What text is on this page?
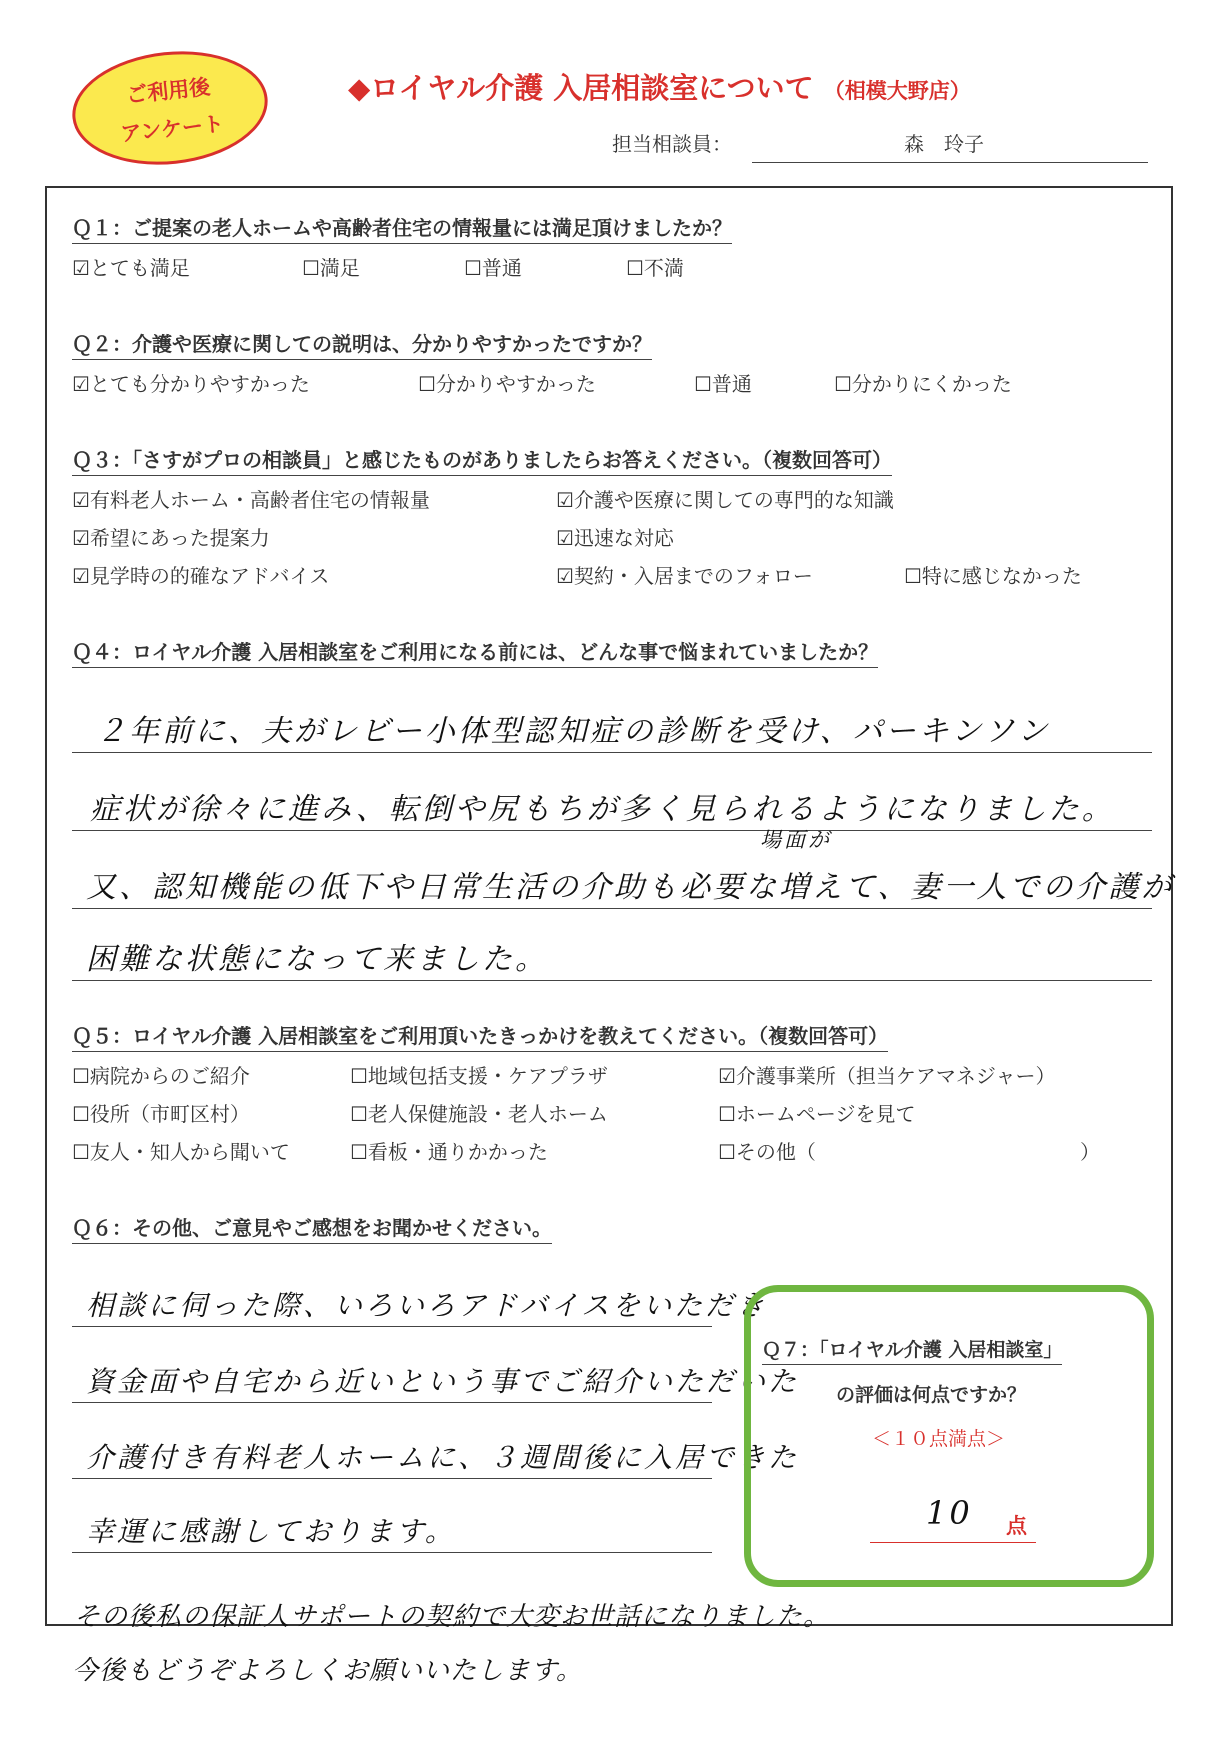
ご利用後
アンケート
◆ロイヤル介護 入居相談室について （相模大野店）
担当相談員：	森　玲子
Ｑ１：ご提案の老人ホームや高齢者住宅の情報量には満足頂けましたか？
☑とても満足	☐満足	☐普通	☐不満
Ｑ２：介護や医療に関しての説明は、分かりやすかったですか？
☑とても分かりやすかった	☐分かりやすかった	☐普通	☐分かりにくかった
Ｑ３：「さすがプロの相談員」と感じたものがありましたらお答えください。（複数回答可）
☑有料老人ホーム・高齢者住宅の情報量	☑介護や医療に関しての専門的な知識
☑希望にあった提案力	☑迅速な対応
☑見学時の的確なアドバイス	☑契約・入居までのフォロー	☐特に感じなかった
Ｑ４：ロイヤル介護 入居相談室をご利用になる前には、どんな事で悩まれていましたか？
２年前に、夫がレビー小体型認知症の診断を受け、パーキンソン
症状が徐々に進み、転倒や尻もちが多く見られるようになりました。
場面が
又、認知機能の低下や日常生活の介助も必要な増えて、妻一人での介護が
困難な状態になって来ました。
Ｑ５：ロイヤル介護 入居相談室をご利用頂いたきっかけを教えてください。（複数回答可）
☐病院からのご紹介	☐地域包括支援・ケアプラザ	☑介護事業所（担当ケアマネジャー）
☐役所（市町区村）	☐老人保健施設・老人ホーム	☐ホームページを見て
☐友人・知人から聞いて	☐看板・通りかかった	☐その他（	）
Ｑ６：その他、ご意見やご感想をお聞かせください。
相談に伺った際、いろいろアドバイスをいただき
資金面や自宅から近いという事でご紹介いただいた
介護付き有料老人ホームに、３週間後に入居できた
幸運に感謝しております。
その後私の保証人サポートの契約で大変お世話になりました。
今後もどうぞよろしくお願いいたします。
Ｑ７：「ロイヤル介護 入居相談室」
の評価は何点ですか？
＜１０点満点＞
10 点
